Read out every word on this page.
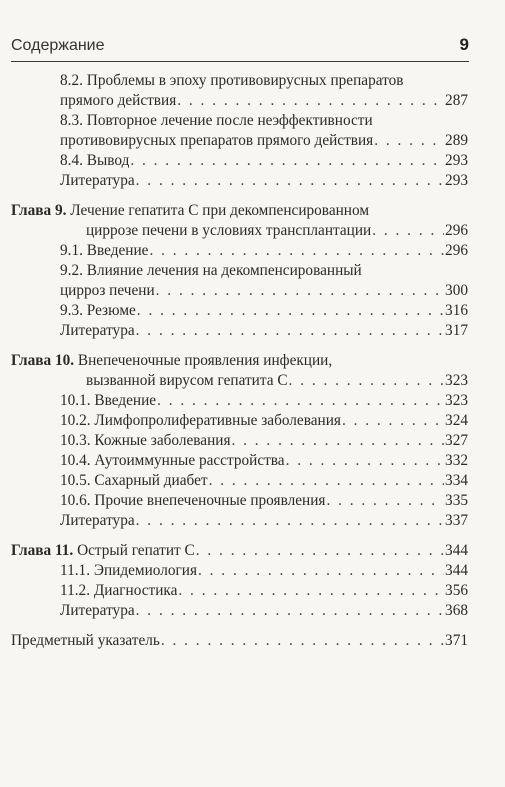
Содержание	9
8.2. Проблемы в эпоху противовирусных препаратов
прямого действия . . .	287
8.3. Повторное лечение после неэффективности
противовирусных препаратов прямого действия . . .	289
8.4. Вывод . . .	293
Литература . . .	293
Глава 9. Лечение гепатита С при декомпенсированном
циррозе печени в условиях трансплантации . . .	296
9.1. Введение . . .	296
9.2. Влияние лечения на декомпенсированный
цирроз печени . . .	300
9.3. Резюме . . .	316
Литература . . .	317
Глава 10. Внепеченочные проявления инфекции,
вызванной вирусом гепатита С . . .	323
10.1. Введение . . .	323
10.2. Лимфопролиферативные заболевания . . .	324
10.3. Кожные заболевания . . .	327
10.4. Аутоиммунные расстройства . . .	332
10.5. Сахарный диабет . . .	334
10.6. Прочие внепеченочные проявления . . .	335
Литература . . .	337
Глава 11. Острый гепатит С . . .	344
11.1. Эпидемиология . . .	344
11.2. Диагностика . . .	356
Литература . . .	368
Предметный указатель . . .	371
